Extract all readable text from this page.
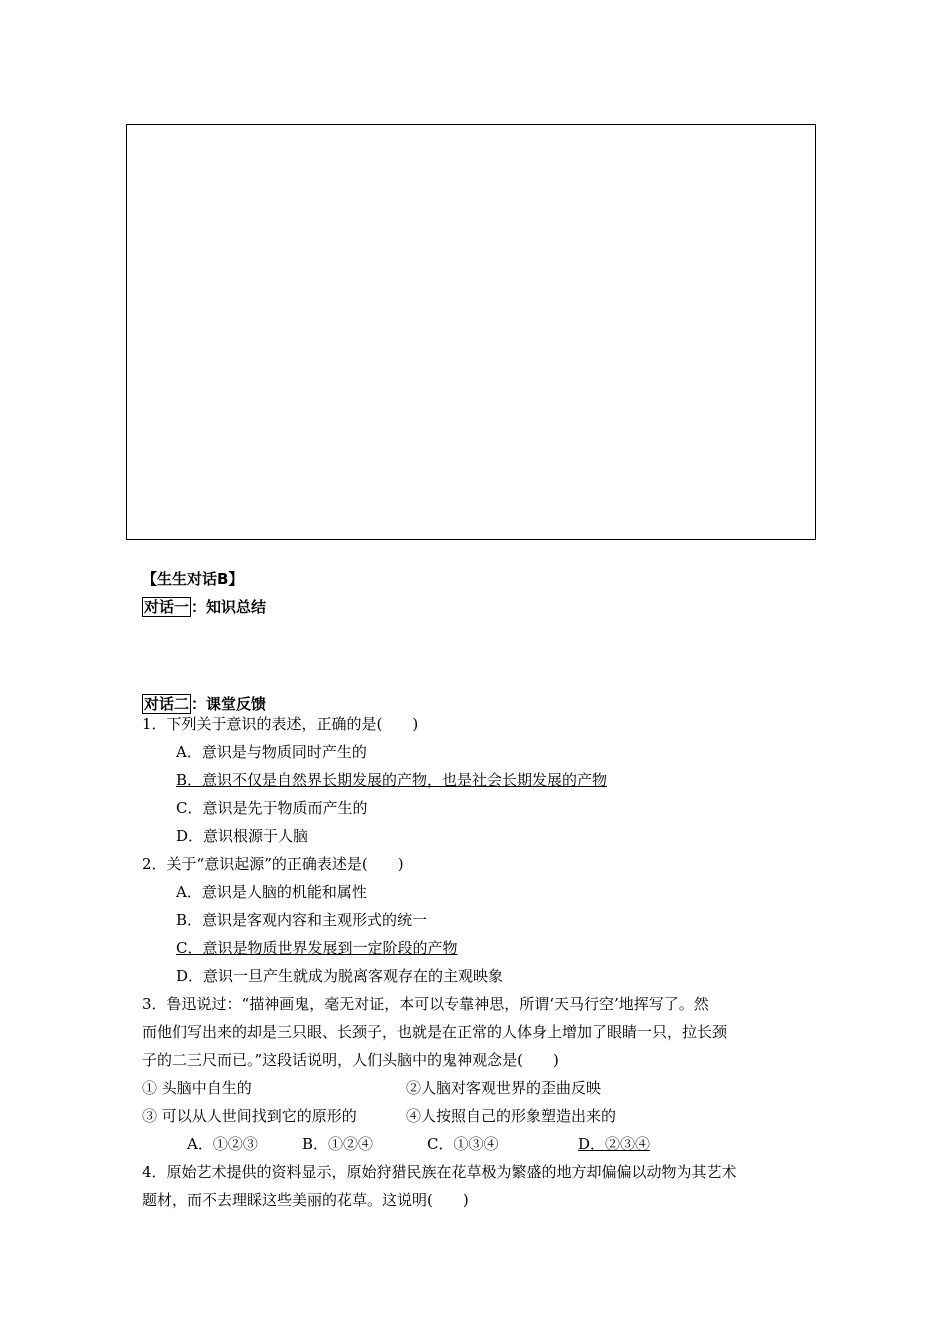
【生生对话B】
对话一 ：知识总结
对话二 ：课堂反馈
1．下列关于意识的表述，正确的是(　　)
A．意识是与物质同时产生的
B．意识不仅是自然界长期发展的产物，也是社会长期发展的产物
C．意识是先于物质而产生的
D．意识根源于人脑
2．关于“意识起源”的正确表述是(　　)
A．意识是人脑的机能和属性
B．意识是客观内容和主观形式的统一
C．意识是物质世界发展到一定阶段的产物
D．意识一旦产生就成为脱离客观存在的主观映象
3．鲁迅说过：“描神画鬼，毫无对证，本可以专靠神思，所谓‘天马行空’地挥写了。然
而他们写出来的却是三只眼、长颈子，也就是在正常的人体身上增加了眼睛一只，拉长颈
子的二三尺而已。”这段话说明，人们头脑中的鬼神观念是(　　)
① 头脑中自生的	②人脑对客观世界的歪曲反映
③ 可以从人世间找到它的原形的	④人按照自己的形象塑造出来的
A．①②③	B．①②④	C．①③④	D．②③④
4．原始艺术提供的资料显示，原始狩猎民族在花草极为繁盛的地方却偏偏以动物为其艺术
题材，而不去理睬这些美丽的花草。这说明(　　)
